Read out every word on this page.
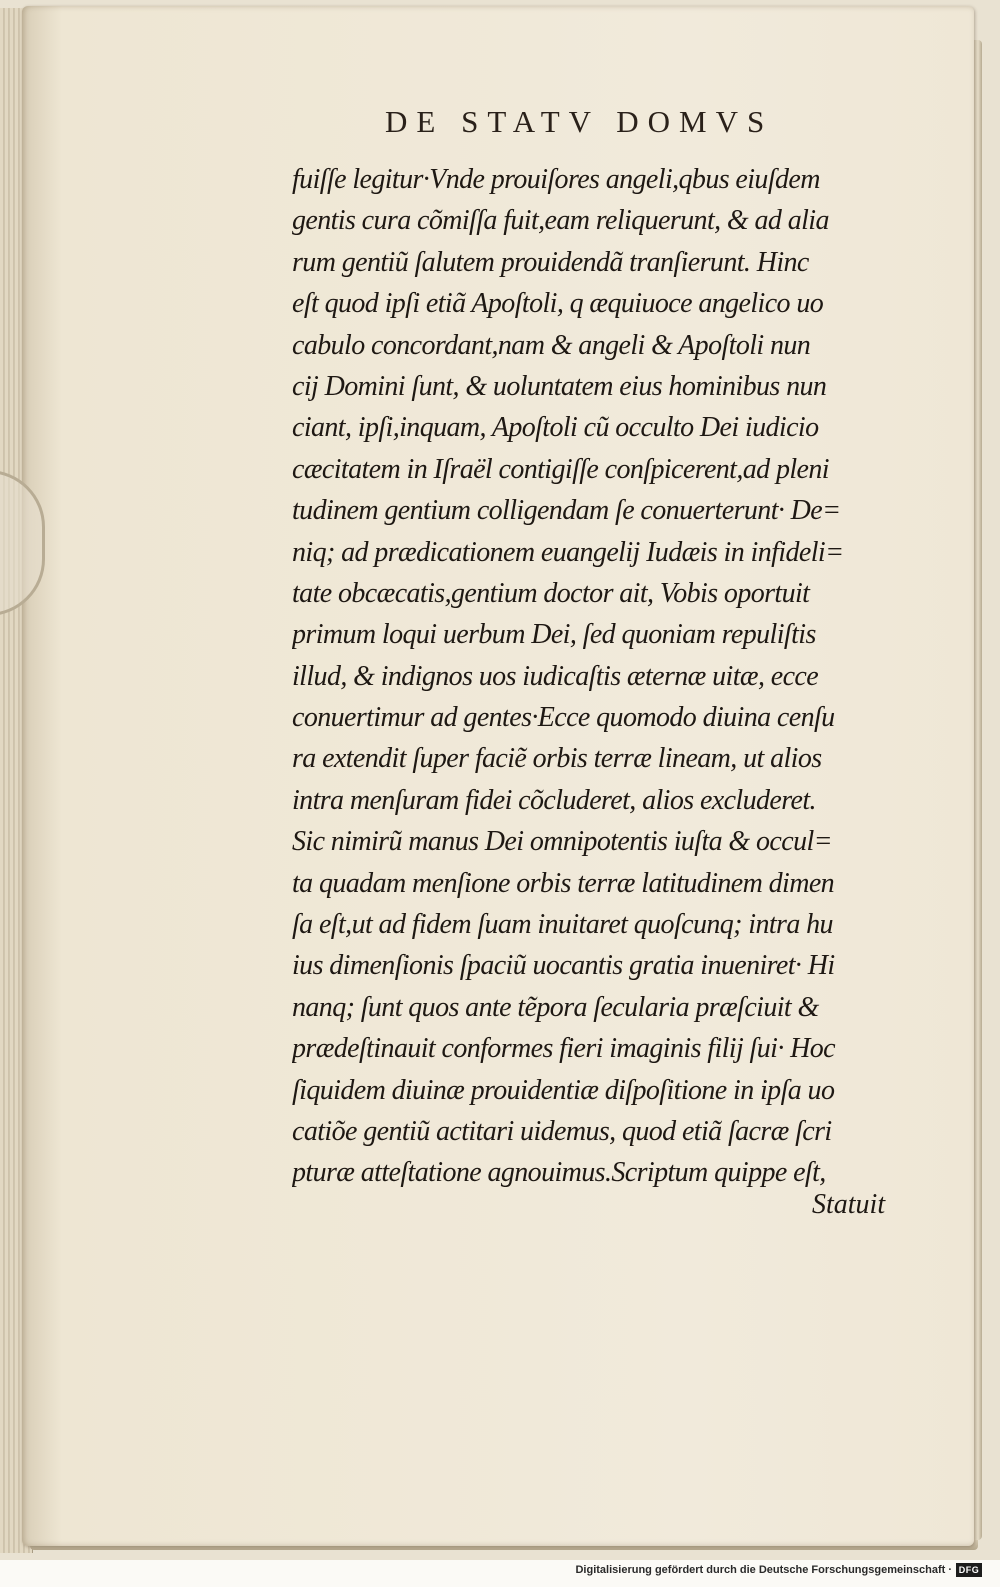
DE STATV DOMVS
fuiſſe legitur·Vnde prouiſores angeli,qbus eiuſdem
gentis cura cõmiſſa fuit,eam reliquerunt, & ad alia
rum gentiũ ſalutem prouidendã tranſierunt. Hinc
eſt quod ipſi etiã Apoſtoli, q æquiuoce angelico uo
cabulo concordant,nam & angeli & Apoſtoli nun
cij Domini ſunt, & uoluntatem eius hominibus nun
ciant, ipſi,inquam, Apoſtoli cũ occulto Dei iudicio
cæcitatem in Iſraël contigiſſe conſpicerent,ad pleni
tudinem gentium colligendam ſe conuerterunt· De=
niq; ad prædicationem euangelij Iudæis in infideli=
tate obcæcatis,gentium doctor ait, Vobis oportuit
primum loqui uerbum Dei, ſed quoniam repuliſtis
illud, & indignos uos iudicaſtis æternæ uitæ, ecce
conuertimur ad gentes·Ecce quomodo diuina cenſu
ra extendit ſuper faciẽ orbis terræ lineam, ut alios
intra menſuram fidei cõcluderet, alios excluderet.
Sic nimirũ manus Dei omnipotentis iuſta & occul=
ta quadam menſione orbis terræ latitudinem dimen
ſa eſt,ut ad fidem ſuam inuitaret quoſcunq; intra hu
ius dimenſionis ſpaciũ uocantis gratia inueniret· Hi
nanq; ſunt quos ante tẽpora ſecularia præſciuit &
prædeſtinauit conformes fieri imaginis filij ſui· Hoc
ſiquidem diuinæ prouidentiæ diſpoſitione in ipſa uo
catiõe gentiũ actitari uidemus, quod etiã ſacræ ſcri
pturæ atteſtatione agnouimus.Scriptum quippe eſt,
Statuit
Digitalisierung gefördert durch die Deutsche Forschungsgemeinschaft · DFG
